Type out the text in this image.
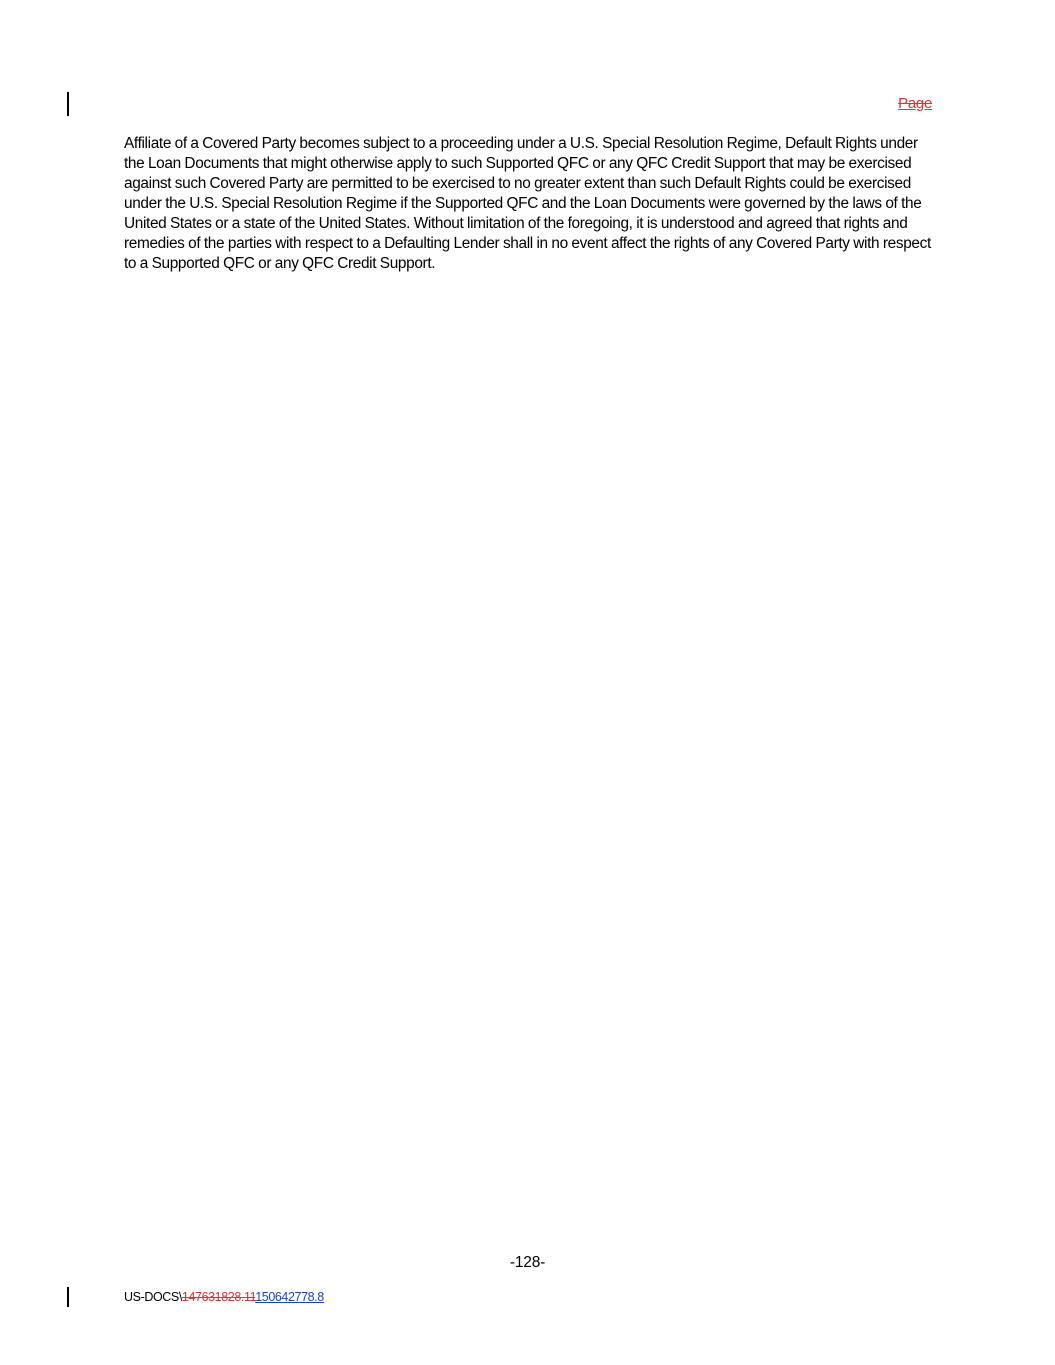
Page

Affiliate of a Covered Party becomes subject to a proceeding under a U.S. Special Resolution Regime, Default Rights under the Loan Documents that might otherwise apply to such Supported QFC or any QFC Credit Support that may be exercised against such Covered Party are permitted to be exercised to no greater extent than such Default Rights could be exercised under the U.S. Special Resolution Regime if the Supported QFC and the Loan Documents were governed by the laws of the United States or a state of the United States. Without limitation of the foregoing, it is understood and agreed that rights and remedies of the parties with respect to a Defaulting Lender shall in no event affect the rights of any Covered Party with respect to a Supported QFC or any QFC Credit Support.

-128-
US-DOCS\147631828.11150642778.8
